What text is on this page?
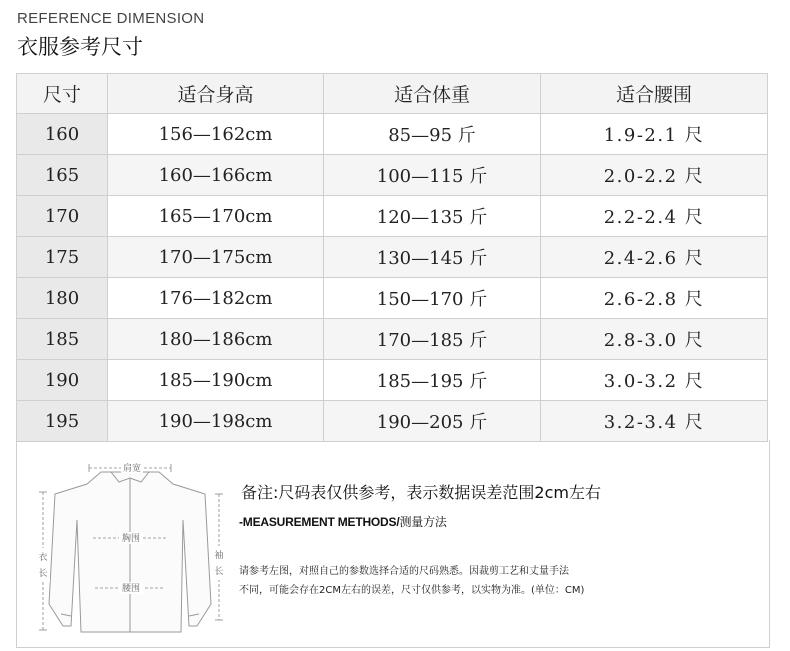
REFERENCE DIMENSION
衣服参考尺寸
尺寸	适合身高	适合体重	适合腰围
160	156—162cm	85—95 斤	1.9-2.1 尺
165	160—166cm	100—115 斤	2.0-2.2 尺
170	165—170cm	120—135 斤	2.2-2.4 尺
175	170—175cm	130—145 斤	2.4-2.6 尺
180	176—182cm	150—170 斤	2.6-2.8 尺
185	180—186cm	170—185 斤	2.8-3.0 尺
190	185—190cm	185—195 斤	3.0-3.2 尺
195	190—198cm	190—205 斤	3.2-3.4 尺
肩宽
胸围
腰围
衣
长
袖
长
备注:尺码表仅供参考，表示数据误差范围2cm左右
-MEASUREMENT METHODS/测量方法
请参考左图，对照自己的参数选择合适的尺码熟悉。因裁剪工艺和丈量手法
不同，可能会存在2CM左右的误差，尺寸仅供参考，以实物为准。(单位：CM)
